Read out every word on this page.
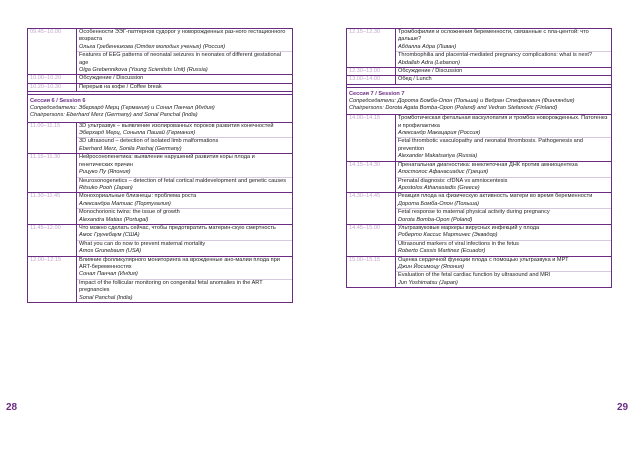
09.45–10.00	Особенности ЭЭГ-паттернов судорог у новорожденных раз-ного гестационного возраста
Ольга Гребенникова (Отдел молодых ученых) (Россия)
Features of EEG patterns of neonatal seizures in neonates of different gestational age
Olga Grebennikova (Young Scientists Unit) (Russia)
10.00–10.20	Обсуждение / Discussion
10.20–10.30	Перерыв на кофе / Coffee break
Сессия 6 / Session 6
Сопредседатели: Эберхард Мерц (Германия) и Сонал Панчал (Индия)
Chairpersons: Eberhard Merz (Germany) and Sonal Panchal (India)
11.00–11.15	3D ультразвук – выявление изолированных пороков развития конечностей
Эберхард Мерц, Соньяла Пашай (Германия)
3D ultrasound – detection of isolated limb malformations
Eberhard Merz, Sonila Pashaj (Germany)
11.15–11.30	Нейросонопенетика: выявление нарушений развития коры плода и генетических причин
Рицуко Пу (Япония)
Neurosonogenetics – detection of fetal cortical maldevelopment and genetic causes
Ritsuko Pooh (Japan)
11.30–11.45	Монохориальные близнецы: проблема роста
Александра Матиас (Португалия)
Monochorionic twins: the issue of growth
Alexandra Matias (Portugal)
11.45–12.00	Что можно сделать сейчас, чтобы предотвратить материн-скую смертность
Амос Грунебаум (США)
What you can do now to prevent maternal mortality
Amos Grunebaum (USA)
12.00–12.15	Влияние фолликулярного мониторинга на врожденные ано-малии плода при ART-беременностях
Сонал Панчал (Индия)
Impact of the follicular monitoring on congenital fetal anomalies in the ART pregnancies
Sonal Panchal (India)
12.15–12.30	Тромбофилия и осложнения беременности, связанные с пла-центой: что дальше?
Абдалла Адра (Ливан)
Thrombophilia and placental-mediated pregnancy complications: what is next?
Abdallah Adra (Lebanon)
12.30–13.00	Обсуждение / Discussion
13.00–14.00	Обед / Lunch
Сессия 7 / Session 7
Сопредседатели: Дорота Бомба-Опон (Польша) и Ведран Стефанович (Финляндия)
Chairpersons: Dorota Agata Bomba-Opon (Poland) and Vedran Stefanovic (Finland)
14.00–14.15	Тромботическая фетальная васкулопатия и тромбоз новорожденных. Патогенез и профилактика
Александр Макацария (Россия)
Fetal thrombotic vasculopathy and neonatal thrombosis. Pathogenesis and prevention
Alexander Makatsariya (Russia)
14.15–14.30	Пренатальная диагностика: внеклеточная ДНК против амниоцентеза
Апостолос Афанасиадис (Греция)
Prenatal diagnosis: cfDNA vs amniocentesis
Apostolos Athanasiadis (Greece)
14.30–14.45	Реакция плода на физическую активность матери во время беременности
Дорота Бомба-Опон (Польша)
Fetal response to maternal physical activity during pregnancy
Dorota Bomba-Opon (Poland)
14.45–15.00	Ультразвуковые маркеры вирусных инфекций у плода
Роберто Кассис Мартинес (Эквадор)
Ultrasound markers of viral infections in the fetus
Roberto Cassis Martinez (Ecuador)
15.00–15.15	Оценка сердечной функции плода с помощью ультразвука и МРТ
Джин Йосимоцу (Япония)
Evaluation of the fetal cardiac function by ultrasound and MRI
Jun Yoshimatsu (Japan)
28	29
